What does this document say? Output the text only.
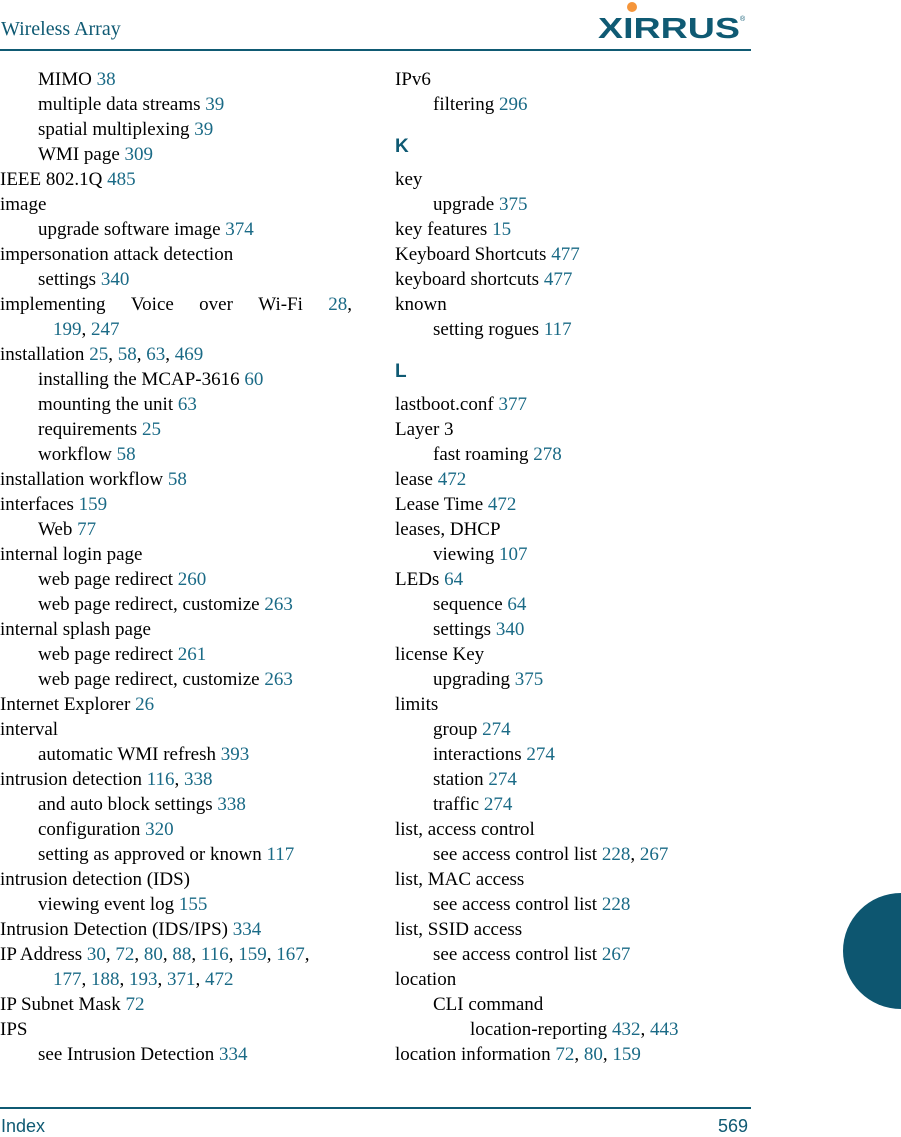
Wireless Array	XIRRUS ®
MIMO 38
multiple data streams 39
spatial multiplexing 39
WMI page 309
IEEE 802.1Q 485
image
upgrade software image 374
impersonation attack detection
settings 340
implementing Voice over Wi-Fi 28,
199, 247
installation 25, 58, 63, 469
installing the MCAP-3616 60
mounting the unit 63
requirements 25
workflow 58
installation workflow 58
interfaces 159
Web 77
internal login page
web page redirect 260
web page redirect, customize 263
internal splash page
web page redirect 261
web page redirect, customize 263
Internet Explorer 26
interval
automatic WMI refresh 393
intrusion detection 116, 338
and auto block settings 338
configuration 320
setting as approved or known 117
intrusion detection (IDS)
viewing event log 155
Intrusion Detection (IDS/IPS) 334
IP Address 30, 72, 80, 88, 116, 159, 167,
177, 188, 193, 371, 472
IP Subnet Mask 72
IPS
see Intrusion Detection 334
IPv6
filtering 296
K
key
upgrade 375
key features 15
Keyboard Shortcuts 477
keyboard shortcuts 477
known
setting rogues 117
L
lastboot.conf 377
Layer 3
fast roaming 278
lease 472
Lease Time 472
leases, DHCP
viewing 107
LEDs 64
sequence 64
settings 340
license Key
upgrading 375
limits
group 274
interactions 274
station 274
traffic 274
list, access control
see access control list 228, 267
list, MAC access
see access control list 228
list, SSID access
see access control list 267
location
CLI command
location-reporting 432, 443
location information 72, 80, 159
Index	569
